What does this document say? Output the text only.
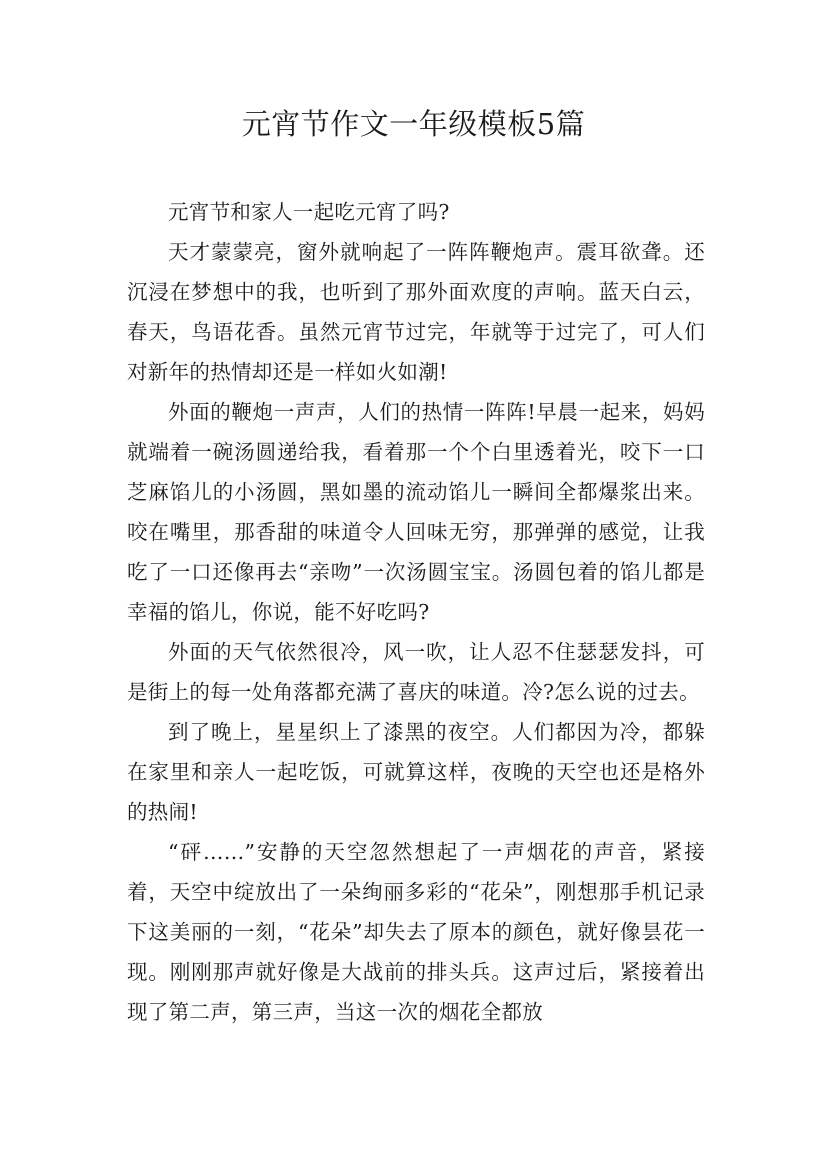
元宵节作文一年级模板5篇

元宵节和家人一起吃元宵了吗?

天才蒙蒙亮，窗外就响起了一阵阵鞭炮声。震耳欲聋。还沉浸在梦想中的我，也听到了那外面欢度的声响。蓝天白云，春天，鸟语花香。虽然元宵节过完，年就等于过完了，可人们对新年的热情却还是一样如火如潮!

外面的鞭炮一声声，人们的热情一阵阵!早晨一起来，妈妈就端着一碗汤圆递给我，看着那一个个白里透着光，咬下一口芝麻馅儿的小汤圆，黑如墨的流动馅儿一瞬间全都爆浆出来。咬在嘴里，那香甜的味道令人回味无穷，那弹弹的感觉，让我吃了一口还像再去“亲吻”一次汤圆宝宝。汤圆包着的馅儿都是幸福的馅儿，你说，能不好吃吗?

外面的天气依然很冷，风一吹，让人忍不住瑟瑟发抖，可是街上的每一处角落都充满了喜庆的味道。冷?怎么说的过去。

到了晚上，星星织上了漆黑的夜空。人们都因为冷，都躲在家里和亲人一起吃饭，可就算这样，夜晚的天空也还是格外的热闹!

“砰……”安静的天空忽然想起了一声烟花的声音，紧接着，天空中绽放出了一朵绚丽多彩的“花朵”，刚想那手机记录下这美丽的一刻，“花朵”却失去了原本的颜色，就好像昙花一现。刚刚那声就好像是大战前的排头兵。这声过后，紧接着出现了第二声，第三声，当这一次的烟花全都放
